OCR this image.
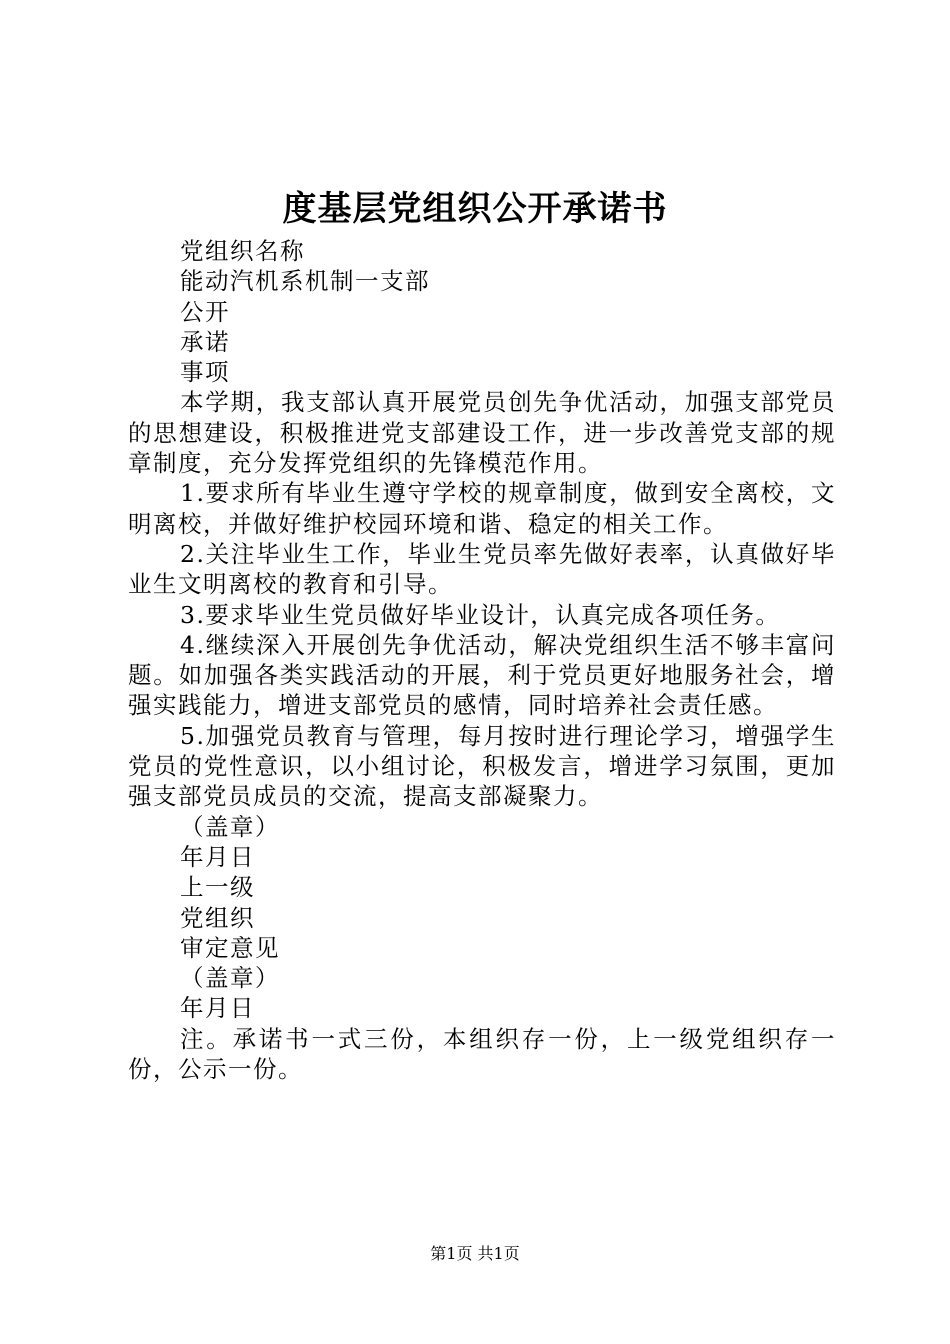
度基层党组织公开承诺书
党组织名称
能动汽机系机制一支部
公开
承诺
事项

本学期，我支部认真开展党员创先争优活动，加强支部党员的思想建设，积极推进党支部建设工作，进一步改善党支部的规章制度，充分发挥党组织的先锋模范作用。

1.要求所有毕业生遵守学校的规章制度，做到安全离校，文明离校，并做好维护校园环境和谐、稳定的相关工作。

2.关注毕业生工作，毕业生党员率先做好表率，认真做好毕业生文明离校的教育和引导。

3.要求毕业生党员做好毕业设计，认真完成各项任务。

4.继续深入开展创先争优活动，解决党组织生活不够丰富问题。如加强各类实践活动的开展，利于党员更好地服务社会，增强实践能力，增进支部党员的感情，同时培养社会责任感。

5.加强党员教育与管理，每月按时进行理论学习，增强学生党员的党性意识，以小组讨论，积极发言，增进学习氛围，更加强支部党员成员的交流，提高支部凝聚力。

（盖章）
年月日
上一级
党组织
审定意见
（盖章）
年月日

注。承诺书一式三份，本组织存一份，上一级党组织存一份，公示一份。

第1页 共1页
